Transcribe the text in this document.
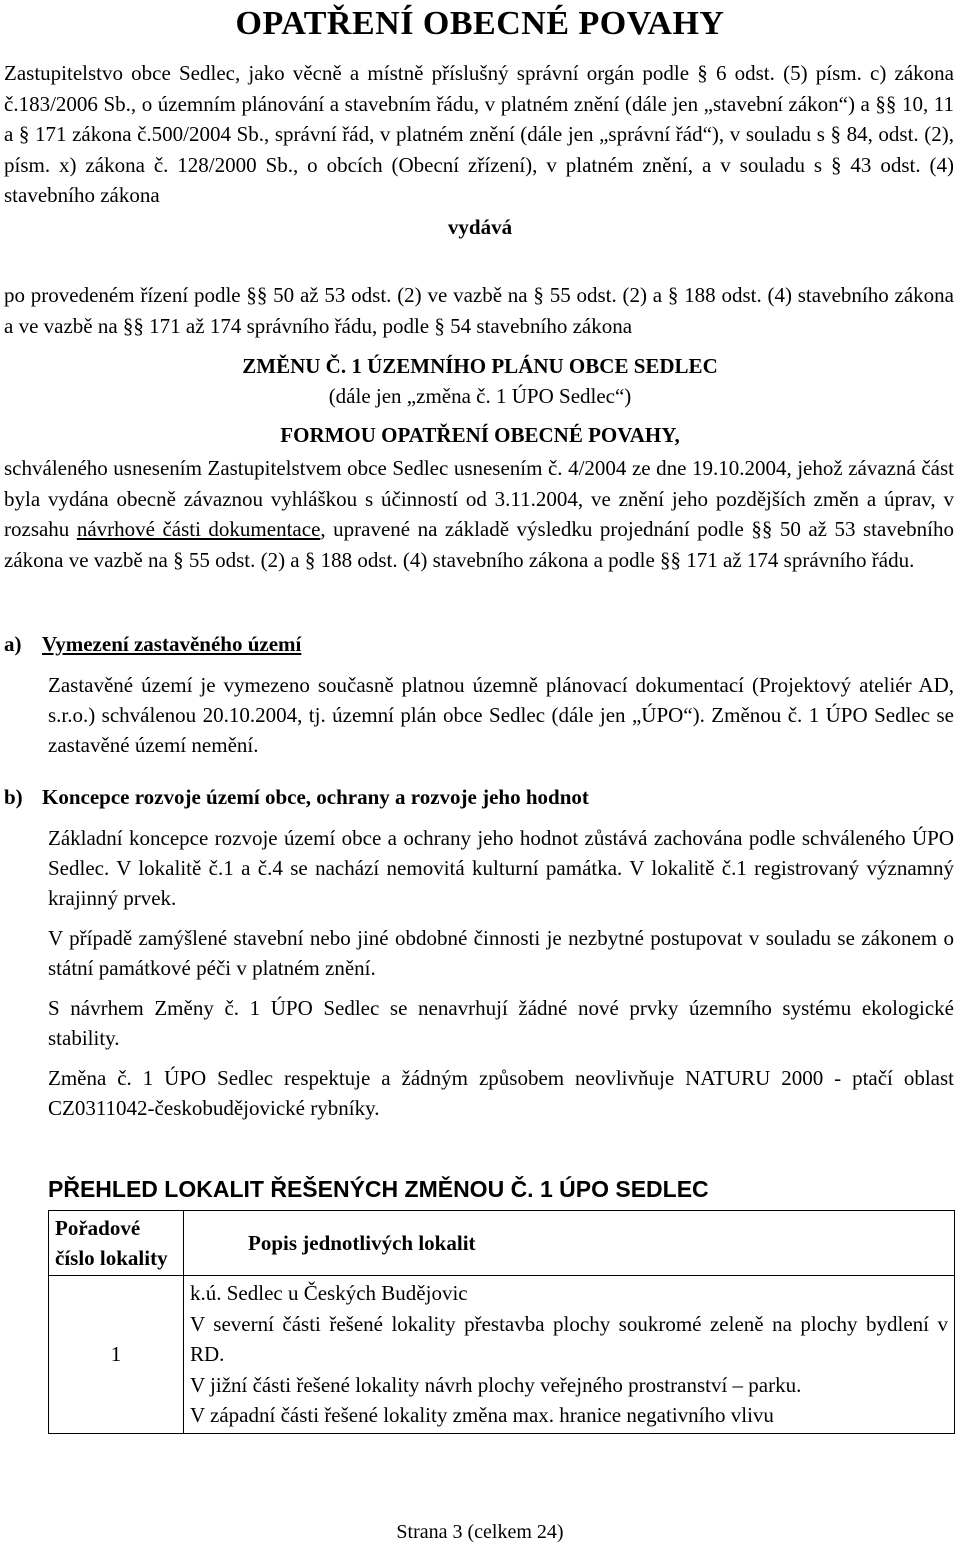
OPATŘENÍ OBECNÉ POVAHY

Zastupitelstvo obce Sedlec, jako věcně a místně příslušný správní orgán podle § 6 odst. (5) písm. c) zákona č.183/2006 Sb., o územním plánování a stavebním řádu, v platném znění (dále jen „stavební zákon“) a §§ 10, 11 a § 171 zákona č.500/2004 Sb., správní řád, v platném znění (dále jen „správní řád“), v souladu s § 84, odst. (2), písm. x) zákona č. 128/2000 Sb., o obcích (Obecní zřízení), v platném znění, a v souladu s § 43 odst. (4) stavebního zákona

vydává

po provedeném řízení podle §§ 50 až 53 odst. (2) ve vazbě na § 55 odst. (2) a § 188 odst. (4) stavebního zákona a ve vazbě na §§ 171 až 174 správního řádu, podle § 54 stavebního zákona

ZMĚNU Č. 1 ÚZEMNÍHO PLÁNU OBCE SEDLEC
(dále jen „změna č. 1 ÚPO Sedlec“)
FORMOU OPATŘENÍ OBECNÉ POVAHY,

schváleného usnesením Zastupitelstvem obce Sedlec usnesením č. 4/2004 ze dne 19.10.2004, jehož závazná část byla vydána obecně závaznou vyhláškou s účinností od 3.11.2004, ve znění jeho pozdějších změn a úprav, v rozsahu návrhové části dokumentace, upravené na základě výsledku projednání podle §§ 50 až 53 stavebního zákona ve vazbě na § 55 odst. (2) a § 188 odst. (4) stavebního zákona a podle §§ 171 až 174 správního řádu.

a) Vymezení zastavěného území

Zastavěné území je vymezeno současně platnou územně plánovací dokumentací (Projektový ateliér AD, s.r.o.) schválenou 20.10.2004, tj. územní plán obce Sedlec (dále jen „ÚPO“). Změnou č. 1 ÚPO Sedlec se zastavěné území nemění.

b) Koncepce rozvoje území obce, ochrany a rozvoje jeho hodnot

Základní koncepce rozvoje území obce a ochrany jeho hodnot zůstává zachována podle schváleného ÚPO Sedlec. V lokalitě č.1 a č.4 se nachází nemovitá kulturní památka. V lokalitě č.1 registrovaný významný krajinný prvek.

V případě zamýšlené stavební nebo jiné obdobné činnosti je nezbytné postupovat v souladu se zákonem o státní památkové péči v platném znění.

S návrhem Změny č. 1 ÚPO Sedlec se nenavrhují žádné nové prvky územního systému ekologické stability.

Změna č. 1 ÚPO Sedlec respektuje a žádným způsobem neovlivňuje NATURU 2000 - ptačí oblast CZ0311042-českobudějovické rybníky.

PŘEHLED LOKALIT ŘEŠENÝCH ZMĚNOU Č. 1 ÚPO SEDLEC
Pořadové číslo lokality	Popis jednotlivých lokalit
1	k.ú. Sedlec u Českých Budějovic
V severní části řešené lokality přestavba plochy soukromé zeleně na plochy bydlení v RD.
V jižní části řešené lokality návrh plochy veřejného prostranství – parku.
V západní části řešené lokality změna max. hranice negativního vlivu
Strana 3 (celkem 24)
